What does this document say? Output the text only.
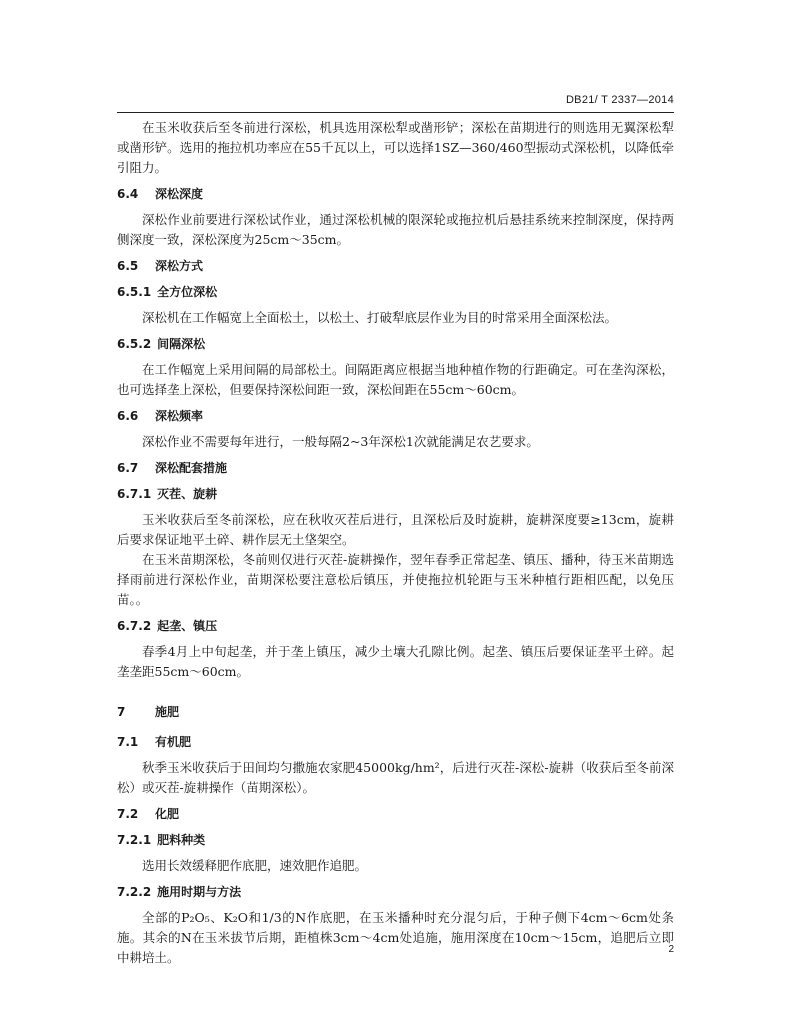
DB21/ T 2337—2014

在玉米收获后至冬前进行深松，机具选用深松犁或凿形铲；深松在苗期进行的则选用无翼深松犁或凿形铲。选用的拖拉机功率应在55千瓦以上，可以选择1SZ—360/460型振动式深松机，以降低牵引阻力。

6.4 深松深度

深松作业前要进行深松试作业，通过深松机械的限深轮或拖拉机后悬挂系统来控制深度，保持两侧深度一致，深松深度为25cm～35cm。

6.5 深松方式

6.5.1 全方位深松

深松机在工作幅宽上全面松土，以松土、打破犁底层作业为目的时常采用全面深松法。

6.5.2 间隔深松

在工作幅宽上采用间隔的局部松土。间隔距离应根据当地种植作物的行距确定。可在垄沟深松，也可选择垄上深松，但要保持深松间距一致，深松间距在55cm～60cm。

6.6 深松频率

深松作业不需要每年进行，一般每隔2~3年深松1次就能满足农艺要求。

6.7 深松配套措施

6.7.1 灭茬、旋耕

玉米收获后至冬前深松，应在秋收灭茬后进行，且深松后及时旋耕，旋耕深度要≥13cm，旋耕后要求保证地平土碎、耕作层无土垡架空。

在玉米苗期深松，冬前则仅进行灭茬-旋耕操作，翌年春季正常起垄、镇压、播种，待玉米苗期选择雨前进行深松作业，苗期深松要注意松后镇压，并使拖拉机轮距与玉米种植行距相匹配，以免压苗。。

6.7.2 起垄、镇压

春季4月上中旬起垄，并于垄上镇压，减少土壤大孔隙比例。起垄、镇压后要保证垄平土碎。起垄垄距55cm～60cm。

7 施肥

7.1 有机肥

秋季玉米收获后于田间均匀撒施农家肥45000kg/hm²，后进行灭茬-深松-旋耕（收获后至冬前深松）或灭茬-旋耕操作（苗期深松）。

7.2 化肥

7.2.1 肥料种类

选用长效缓释肥作底肥，速效肥作追肥。

7.2.2 施用时期与方法

全部的P₂O₅、K₂O和1/3的N作底肥，在玉米播种时充分混匀后，于种子侧下4cm～6cm处条施。其余的N在玉米拔节后期，距植株3cm～4cm处追施，施用深度在10cm～15cm，追肥后立即中耕培土。

2
